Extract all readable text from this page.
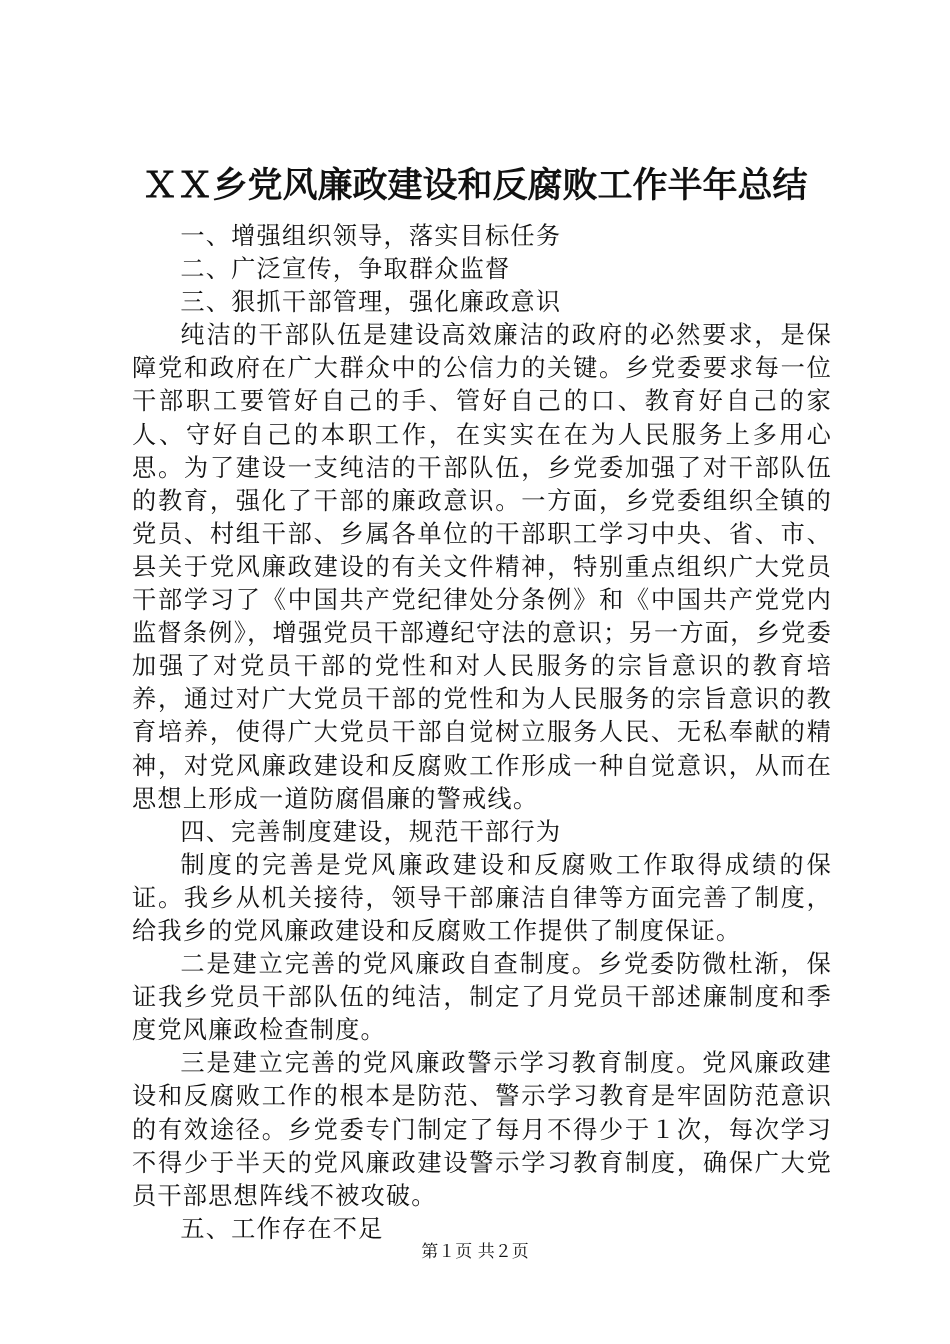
ＸＸ乡党风廉政建设和反腐败工作半年总结

一、增强组织领导，落实目标任务

二、广泛宣传，争取群众监督

三、狠抓干部管理，强化廉政意识

纯洁的干部队伍是建设高效廉洁的政府的必然要求，是保障党和政府在广大群众中的公信力的关键。乡党委要求每一位干部职工要管好自己的手、管好自己的口、教育好自己的家人、守好自己的本职工作，在实实在在为人民服务上多用心思。为了建设一支纯洁的干部队伍，乡党委加强了对干部队伍的教育，强化了干部的廉政意识。一方面，乡党委组织全镇的党员、村组干部、乡属各单位的干部职工学习中央、省、市、县关于党风廉政建设的有关文件精神，特别重点组织广大党员干部学习了《中国共产党纪律处分条例》和《中国共产党党内监督条例》，增强党员干部遵纪守法的意识；另一方面，乡党委加强了对党员干部的党性和对人民服务的宗旨意识的教育培养，通过对广大党员干部的党性和为人民服务的宗旨意识的教育培养，使得广大党员干部自觉树立服务人民、无私奉献的精神，对党风廉政建设和反腐败工作形成一种自觉意识，从而在思想上形成一道防腐倡廉的警戒线。

四、完善制度建设，规范干部行为

制度的完善是党风廉政建设和反腐败工作取得成绩的保证。我乡从机关接待，领导干部廉洁自律等方面完善了制度，给我乡的党风廉政建设和反腐败工作提供了制度保证。

二是建立完善的党风廉政自查制度。乡党委防微杜渐，保证我乡党员干部队伍的纯洁，制定了月党员干部述廉制度和季度党风廉政检查制度。

三是建立完善的党风廉政警示学习教育制度。党风廉政建设和反腐败工作的根本是防范、警示学习教育是牢固防范意识的有效途径。乡党委专门制定了每月不得少于１次，每次学习不得少于半天的党风廉政建设警示学习教育制度，确保广大党员干部思想阵线不被攻破。

五、工作存在不足

第１页 共２页
